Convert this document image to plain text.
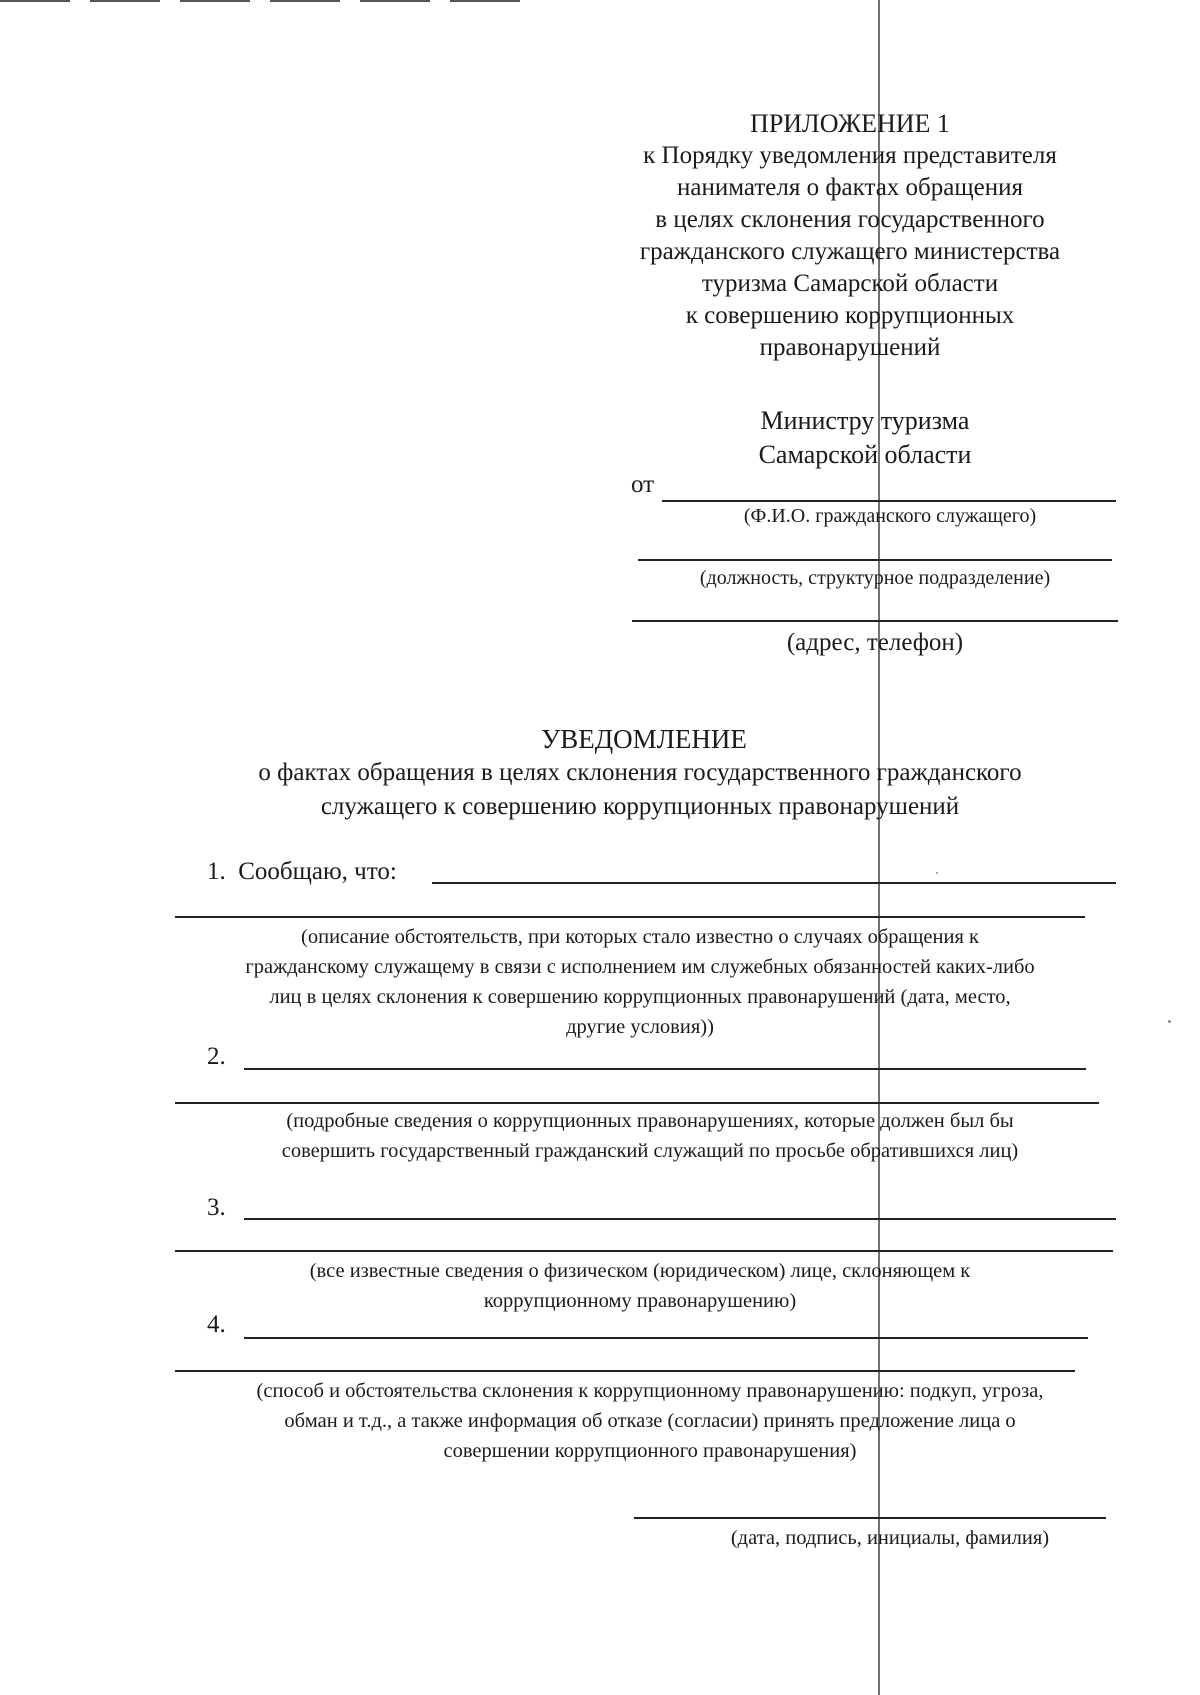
ПРИЛОЖЕНИЕ 1
к Порядку уведомления представителя
нанимателя о фактах обращения
в целях склонения государственного
гражданского служащего министерства
туризма Самарской области
к совершению коррупционных
правонарушений
Министру туризма
Самарской области
от
(Ф.И.О. гражданского служащего)
(должность, структурное подразделение)
(адрес, телефон)
УВЕДОМЛЕНИЕ
о фактах обращения в целях склонения государственного гражданского
служащего к совершению коррупционных правонарушений
1.  Сообщаю, что:
(описание обстоятельств, при которых стало известно о случаях обращения к
гражданскому служащему в связи с исполнением им служебных обязанностей каких-либо
лиц в целях склонения к совершению коррупционных правонарушений (дата, место,
другие условия))
2.
(подробные сведения о коррупционных правонарушениях, которые должен был бы
совершить государственный гражданский служащий по просьбе обратившихся лиц)
3.
(все известные сведения о физическом (юридическом) лице, склоняющем к
коррупционному правонарушению)
4.
(способ и обстоятельства склонения к коррупционному правонарушению: подкуп, угроза,
обман и т.д., а также информация об отказе (согласии) принять предложение лица о
совершении коррупционного правонарушения)
(дата, подпись, инициалы, фамилия)
